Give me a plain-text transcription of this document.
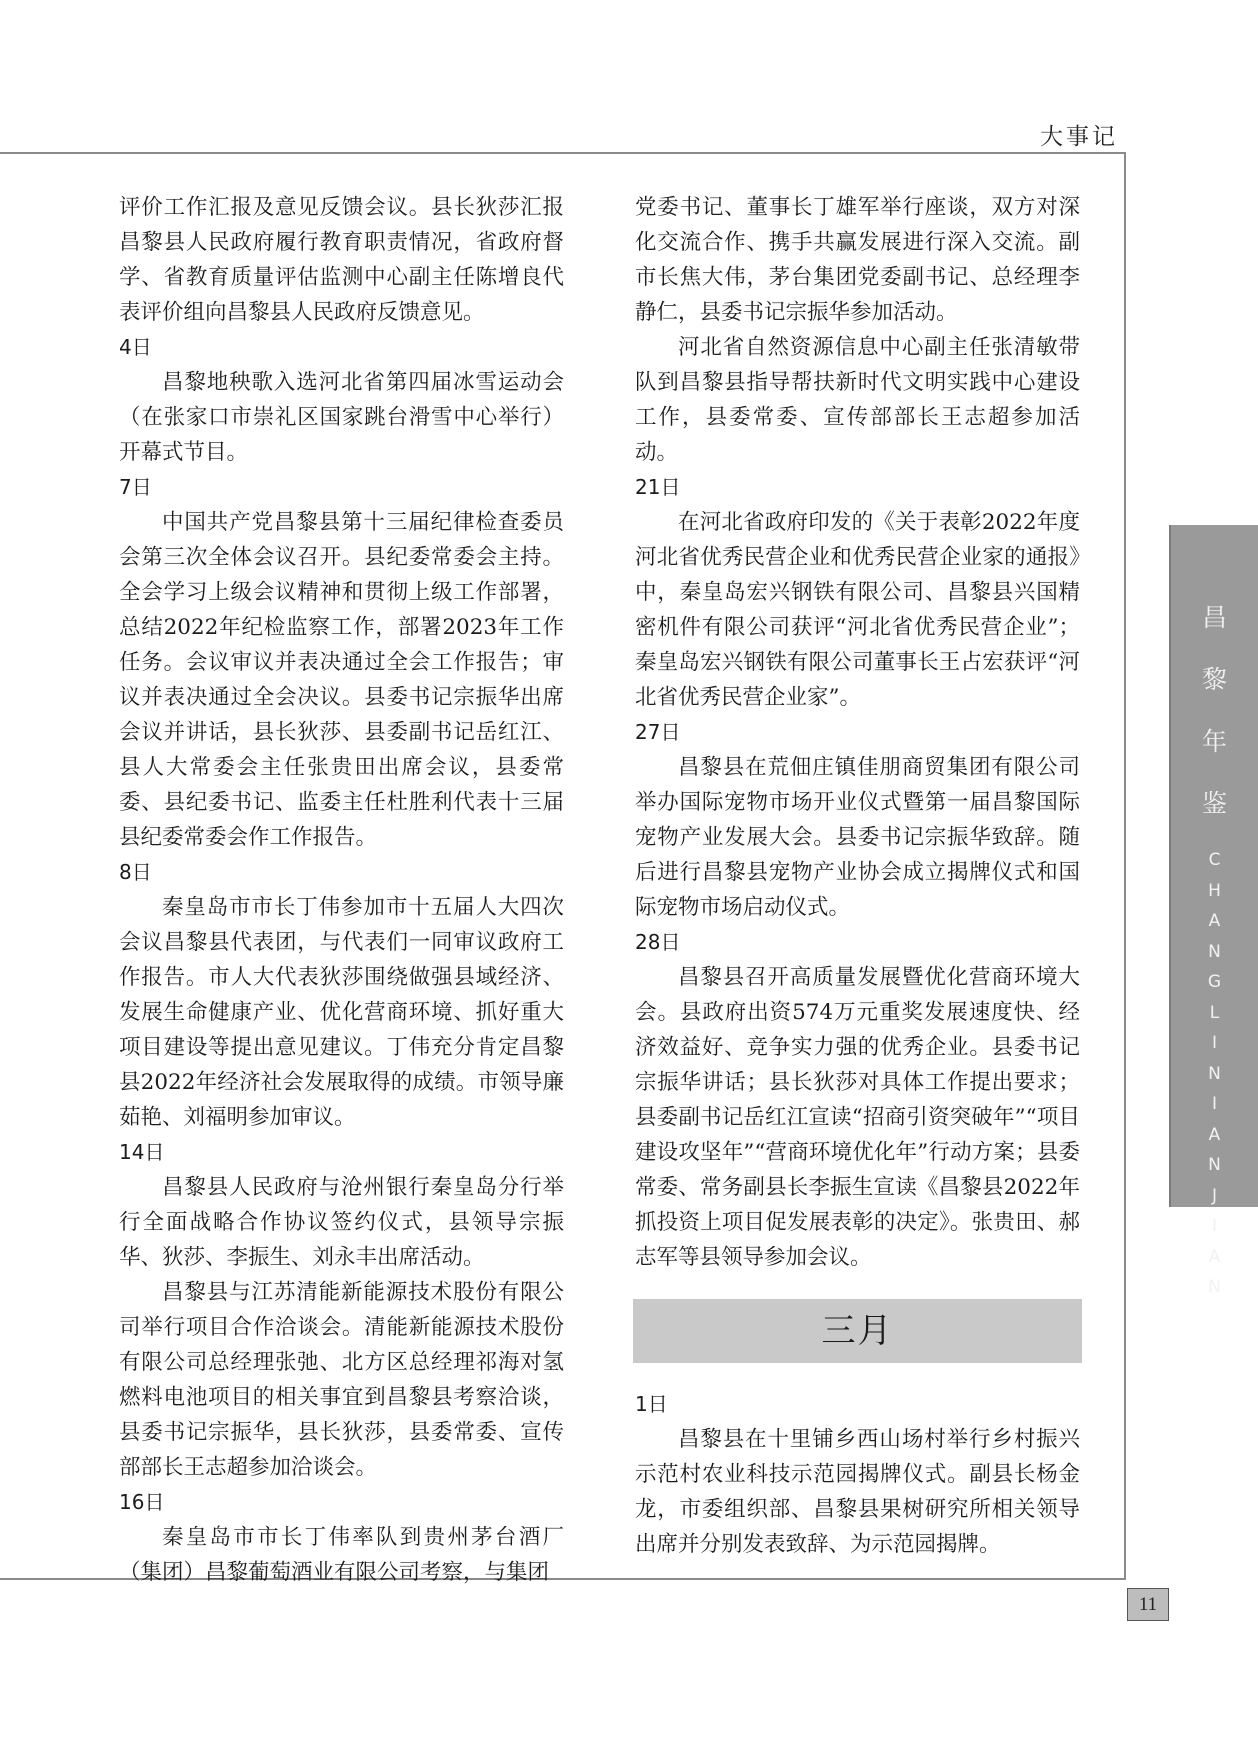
大事记

评价工作汇报及意见反馈会议。县长狄莎汇报昌黎县人民政府履行教育职责情况，省政府督学、省教育质量评估监测中心副主任陈增良代表评价组向昌黎县人民政府反馈意见。

4日

昌黎地秧歌入选河北省第四届冰雪运动会（在张家口市崇礼区国家跳台滑雪中心举行）开幕式节目。

7日

中国共产党昌黎县第十三届纪律检查委员会第三次全体会议召开。县纪委常委会主持。全会学习上级会议精神和贯彻上级工作部署，总结2022年纪检监察工作，部署2023年工作任务。会议审议并表决通过全会工作报告；审议并表决通过全会决议。县委书记宗振华出席会议并讲话，县长狄莎、县委副书记岳红江、县人大常委会主任张贵田出席会议，县委常委、县纪委书记、监委主任杜胜利代表十三届县纪委常委会作工作报告。

8日

秦皇岛市市长丁伟参加市十五届人大四次会议昌黎县代表团，与代表们一同审议政府工作报告。市人大代表狄莎围绕做强县域经济、发展生命健康产业、优化营商环境、抓好重大项目建设等提出意见建议。丁伟充分肯定昌黎县2022年经济社会发展取得的成绩。市领导廉茹艳、刘福明参加审议。

14日

昌黎县人民政府与沧州银行秦皇岛分行举行全面战略合作协议签约仪式，县领导宗振华、狄莎、李振生、刘永丰出席活动。

昌黎县与江苏清能新能源技术股份有限公司举行项目合作洽谈会。清能新能源技术股份有限公司总经理张弛、北方区总经理祁海对氢燃料电池项目的相关事宜到昌黎县考察洽谈，县委书记宗振华，县长狄莎，县委常委、宣传部部长王志超参加洽谈会。

16日

秦皇岛市市长丁伟率队到贵州茅台酒厂（集团）昌黎葡萄酒业有限公司考察，与集团

党委书记、董事长丁雄军举行座谈，双方对深化交流合作、携手共赢发展进行深入交流。副市长焦大伟，茅台集团党委副书记、总经理李静仁，县委书记宗振华参加活动。

河北省自然资源信息中心副主任张清敏带队到昌黎县指导帮扶新时代文明实践中心建设工作，县委常委、宣传部部长王志超参加活动。

21日

在河北省政府印发的《关于表彰2022年度河北省优秀民营企业和优秀民营企业家的通报》中，秦皇岛宏兴钢铁有限公司、昌黎县兴国精密机件有限公司获评“河北省优秀民营企业”；秦皇岛宏兴钢铁有限公司董事长王占宏获评“河北省优秀民营企业家”。

27日

昌黎县在荒佃庄镇佳朋商贸集团有限公司举办国际宠物市场开业仪式暨第一届昌黎国际宠物产业发展大会。县委书记宗振华致辞。随后进行昌黎县宠物产业协会成立揭牌仪式和国际宠物市场启动仪式。

28日

昌黎县召开高质量发展暨优化营商环境大会。县政府出资574万元重奖发展速度快、经济效益好、竞争实力强的优秀企业。县委书记宗振华讲话；县长狄莎对具体工作提出要求；县委副书记岳红江宣读“招商引资突破年”“项目建设攻坚年”“营商环境优化年”行动方案；县委常委、常务副县长李振生宣读《昌黎县2022年抓投资上项目促发展表彰的决定》。张贵田、郝志军等县领导参加会议。

三月

1日

昌黎县在十里铺乡西山场村举行乡村振兴示范村农业科技示范园揭牌仪式。副县长杨金龙，市委组织部、昌黎县果树研究所相关领导出席并分别发表致辞、为示范园揭牌。

昌
黎
年
鉴
C
H
A
N
G
L
I
N
I
A
N
J
I
A
N
11
